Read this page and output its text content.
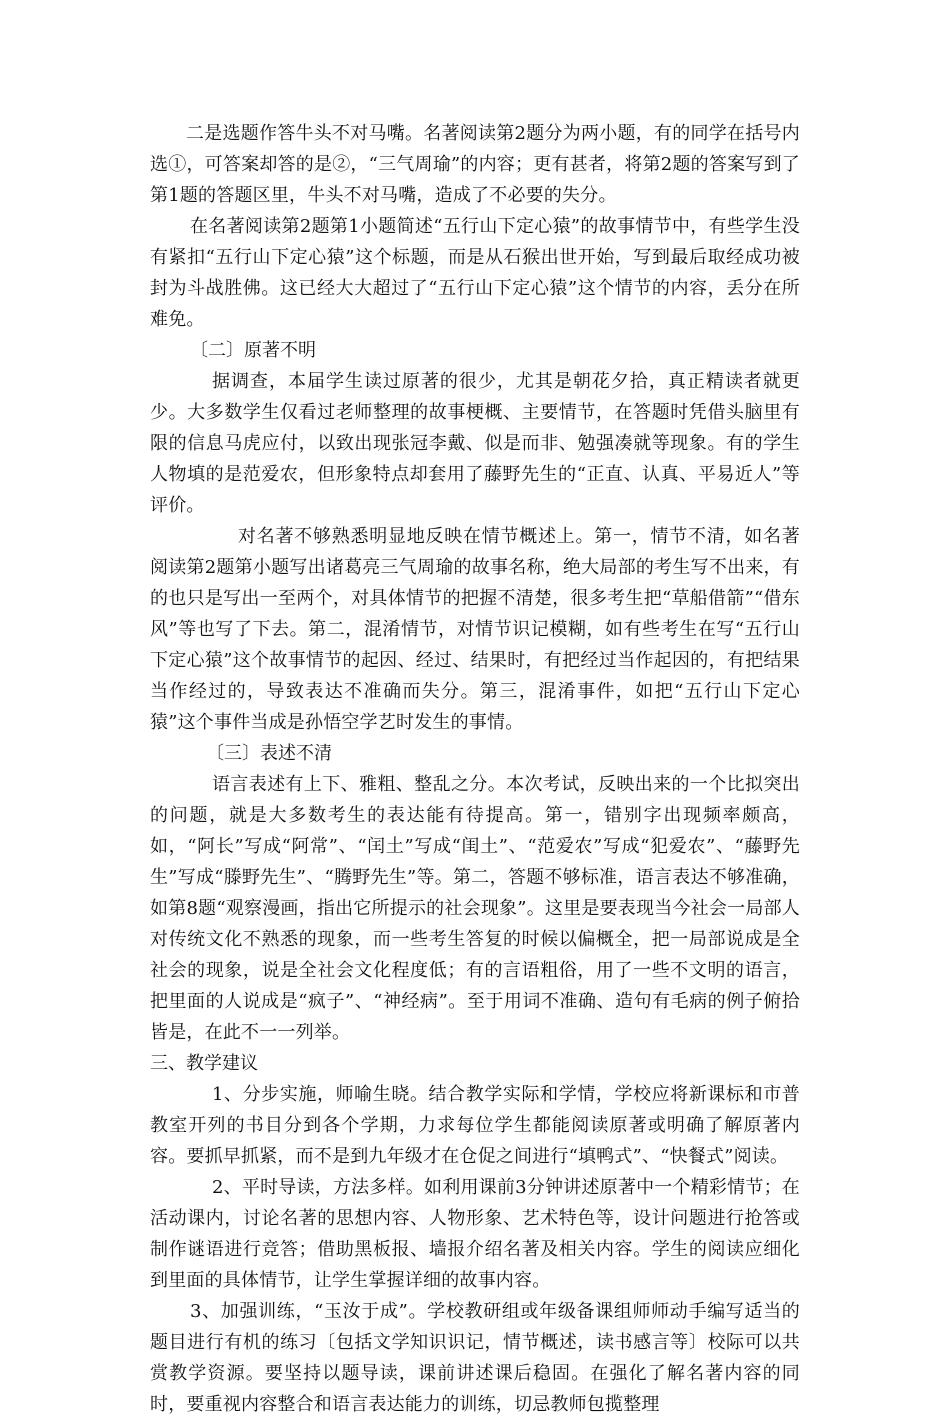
二是选题作答牛头不对马嘴。名著阅读第2题分为两小题，有的同学在括号内选①，可答案却答的是②，“三气周瑜”的内容；更有甚者，将第2题的答案写到了第1题的答题区里，牛头不对马嘴，造成了不必要的失分。

在名著阅读第2题第1小题简述“五行山下定心猿”的故事情节中，有些学生没有紧扣“五行山下定心猿”这个标题，而是从石猴出世开始，写到最后取经成功被封为斗战胜佛。这已经大大超过了“五行山下定心猿”这个情节的内容，丢分在所难免。

〔二〕原著不明

据调查，本届学生读过原著的很少，尤其是朝花夕拾，真正精读者就更少。大多数学生仅看过老师整理的故事梗概、主要情节，在答题时凭借头脑里有限的信息马虎应付，以致出现张冠李戴、似是而非、勉强凑就等现象。有的学生人物填的是范爱农，但形象特点却套用了藤野先生的“正直、认真、平易近人”等评价。

对名著不够熟悉明显地反映在情节概述上。第一，情节不清，如名著阅读第2题第小题写出诸葛亮三气周瑜的故事名称，绝大局部的考生写不出来，有的也只是写出一至两个，对具体情节的把握不清楚，很多考生把“草船借箭”“借东风”等也写了下去。第二，混淆情节，对情节识记模糊，如有些考生在写“五行山下定心猿”这个故事情节的起因、经过、结果时，有把经过当作起因的，有把结果当作经过的，导致表达不准确而失分。第三，混淆事件，如把“五行山下定心猿”这个事件当成是孙悟空学艺时发生的事情。

〔三〕表述不清

语言表述有上下、雅粗、整乱之分。本次考试，反映出来的一个比拟突出的问题，就是大多数考生的表达能有待提高。第一，错别字出现频率颇高，如，“阿长”写成“阿常”、“闰土”写成“闺土”、“范爱农”写成“犯爱农”、“藤野先生”写成“滕野先生”、“腾野先生”等。第二，答题不够标准，语言表达不够准确，如第8题“观察漫画，指出它所提示的社会现象”。这里是要表现当今社会一局部人对传统文化不熟悉的现象，而一些考生答复的时候以偏概全，把一局部说成是全社会的现象，说是全社会文化程度低；有的言语粗俗，用了一些不文明的语言，把里面的人说成是“疯子”、“神经病”。至于用词不准确、造句有毛病的例子俯拾皆是，在此不一一列举。

三、教学建议

1、分步实施，师喻生晓。结合教学实际和学情，学校应将新课标和市普教室开列的书目分到各个学期，力求每位学生都能阅读原著或明确了解原著内容。要抓早抓紧，而不是到九年级才在仓促之间进行“填鸭式”、“快餐式”阅读。

2、平时导读，方法多样。如利用课前3分钟讲述原著中一个精彩情节；在活动课内，讨论名著的思想内容、人物形象、艺术特色等，设计问题进行抢答或制作谜语进行竞答；借助黑板报、墙报介绍名著及相关内容。学生的阅读应细化到里面的具体情节，让学生掌握详细的故事内容。

3、加强训练，“玉汝于成”。学校教研组或年级备课组师师动手编写适当的题目进行有机的练习〔包括文学知识识记，情节概述，读书感言等〕校际可以共赏教学资源。要坚持以题导读，课前讲述课后稳固。在强化了解名著内容的同时，要重视内容整合和语言表达能力的训练，切忌教师包揽整理
